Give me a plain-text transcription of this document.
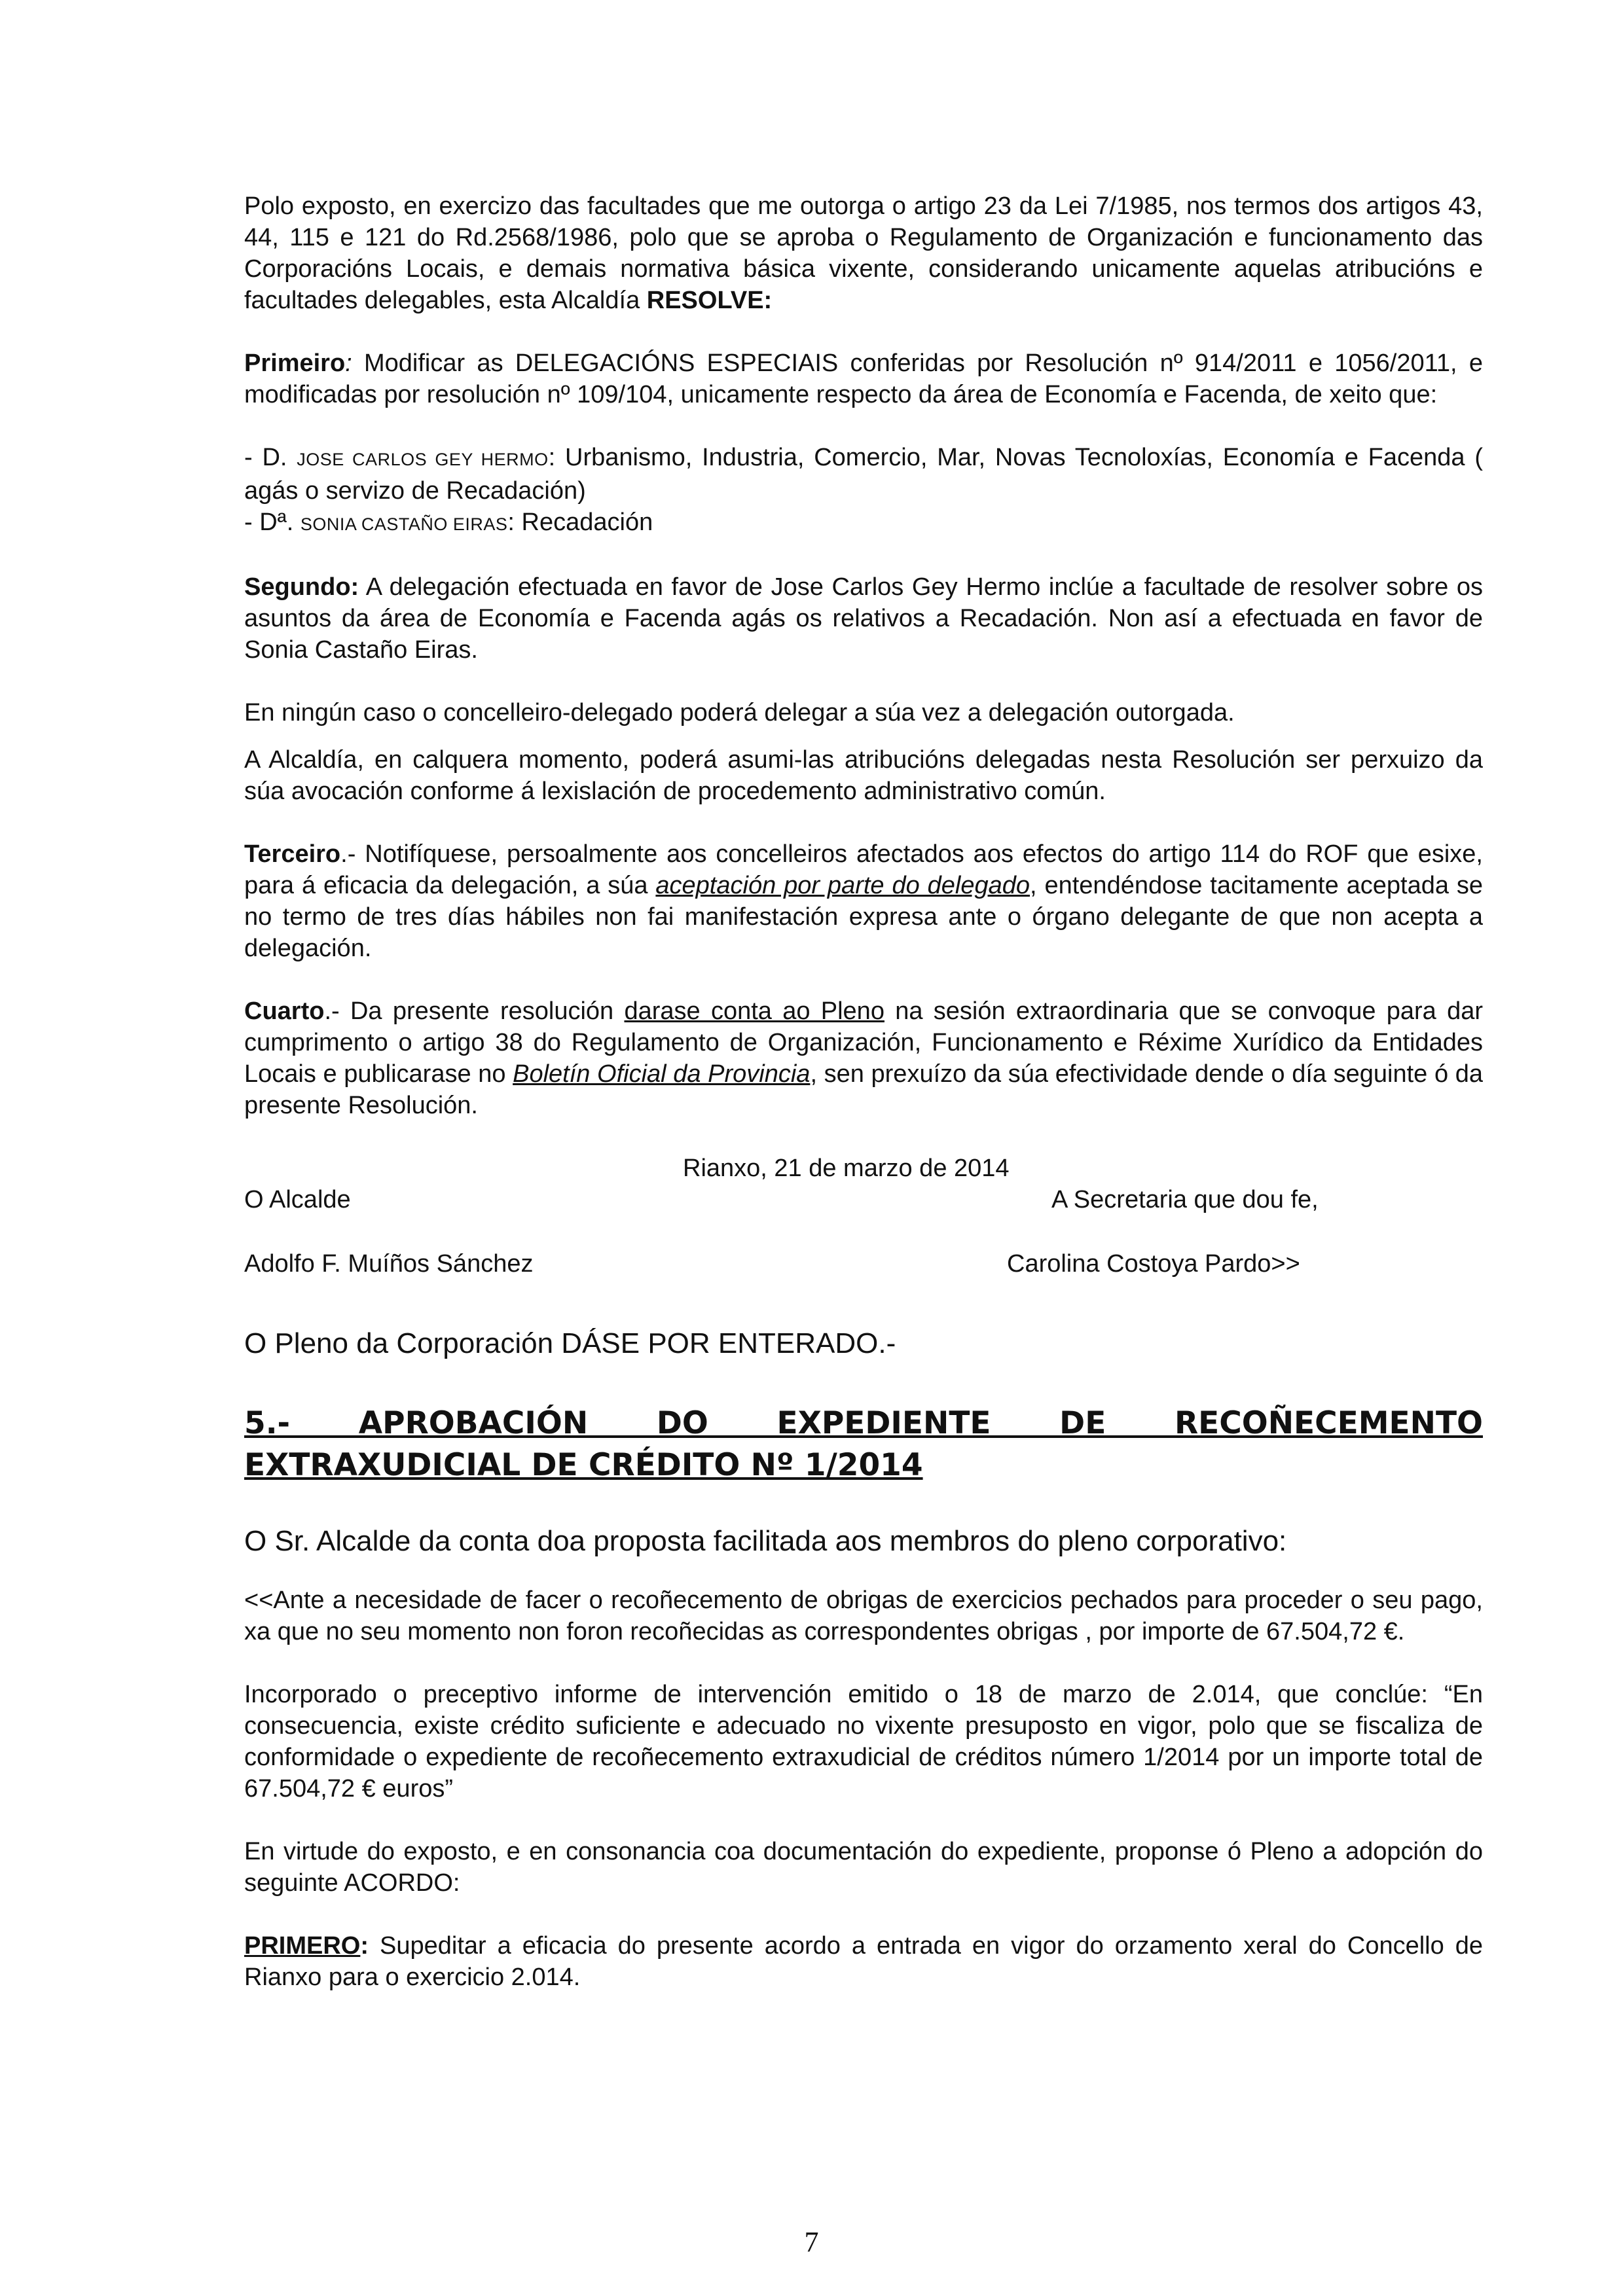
Polo exposto, en exercizo das facultades que me outorga o artigo 23 da Lei 7/1985, nos termos dos artigos 43, 44, 115 e 121 do Rd.2568/1986, polo que se aproba o Regulamento de Organización e funcionamento das Corporacións Locais, e demais normativa básica vixente, considerando unicamente aquelas atribucións e facultades delegables, esta Alcaldía RESOLVE:

Primeiro: Modificar as DELEGACIÓNS ESPECIAIS conferidas por Resolución nº 914/2011 e 1056/2011, e modificadas por resolución nº 109/104, unicamente respecto da área de Economía e Facenda, de xeito que:

- D. JOSE CARLOS GEY HERMO: Urbanismo, Industria, Comercio, Mar, Novas Tecnoloxías, Economía e Facenda ( agás o servizo de Recadación)

- Dª. SONIA CASTAÑO EIRAS: Recadación

Segundo: A delegación efectuada en favor de Jose Carlos Gey Hermo inclúe a facultade de resolver sobre os asuntos da área de Economía e Facenda agás os relativos a Recadación. Non así a efectuada en favor de Sonia Castaño Eiras.

En ningún caso o concelleiro-delegado poderá delegar a súa vez a delegación outorgada.

A Alcaldía, en calquera momento, poderá asumi-las atribucións delegadas nesta Resolución ser perxuizo da súa avocación conforme á lexislación de procedemento administrativo común.

Terceiro.- Notifíquese, persoalmente aos concelleiros afectados aos efectos do artigo 114 do ROF que esixe, para á eficacia da delegación, a súa aceptación por parte do delegado, entendéndose tacitamente aceptada se no termo de tres días hábiles non fai manifestación expresa ante o órgano delegante de que non acepta a delegación.

Cuarto.- Da presente resolución darase conta ao Pleno na sesión extraordinaria que se convoque para dar cumprimento o artigo 38 do Regulamento de Organización, Funcionamento e Réxime Xurídico da Entidades Locais e publicarase no Boletín Oficial da Provincia, sen prexuízo da súa efectividade dende o día seguinte ó da presente Resolución.

Rianxo, 21 de marzo de 2014

O Alcalde	A Secretaria que dou fe,
Adolfo F. Muíños Sánchez	Carolina Costoya Pardo>>

O Pleno da Corporación DÁSE POR ENTERADO.-

5.- APROBACIÓN DO EXPEDIENTE DE RECOÑECEMENTO
EXTRAXUDICIAL DE CRÉDITO Nº 1/2014

O Sr. Alcalde da conta doa proposta facilitada aos membros do pleno corporativo:

<<Ante a necesidade de facer o recoñecemento de obrigas de exercicios pechados para proceder o seu pago, xa que no seu momento non foron recoñecidas as correspondentes obrigas , por importe de 67.504,72 €.

Incorporado o preceptivo informe de intervención emitido o 18 de marzo de 2.014, que conclúe: “En consecuencia, existe crédito suficiente e adecuado no vixente presuposto en vigor, polo que se fiscaliza de conformidade o expediente de recoñecemento extraxudicial de créditos número 1/2014 por un importe total de 67.504,72 € euros”

En virtude do exposto, e en consonancia coa documentación do expediente, proponse ó Pleno a adopción do seguinte ACORDO:

PRIMERO: Supeditar a eficacia do presente acordo a entrada en vigor do orzamento xeral do Concello de Rianxo para o exercicio 2.014.

7
